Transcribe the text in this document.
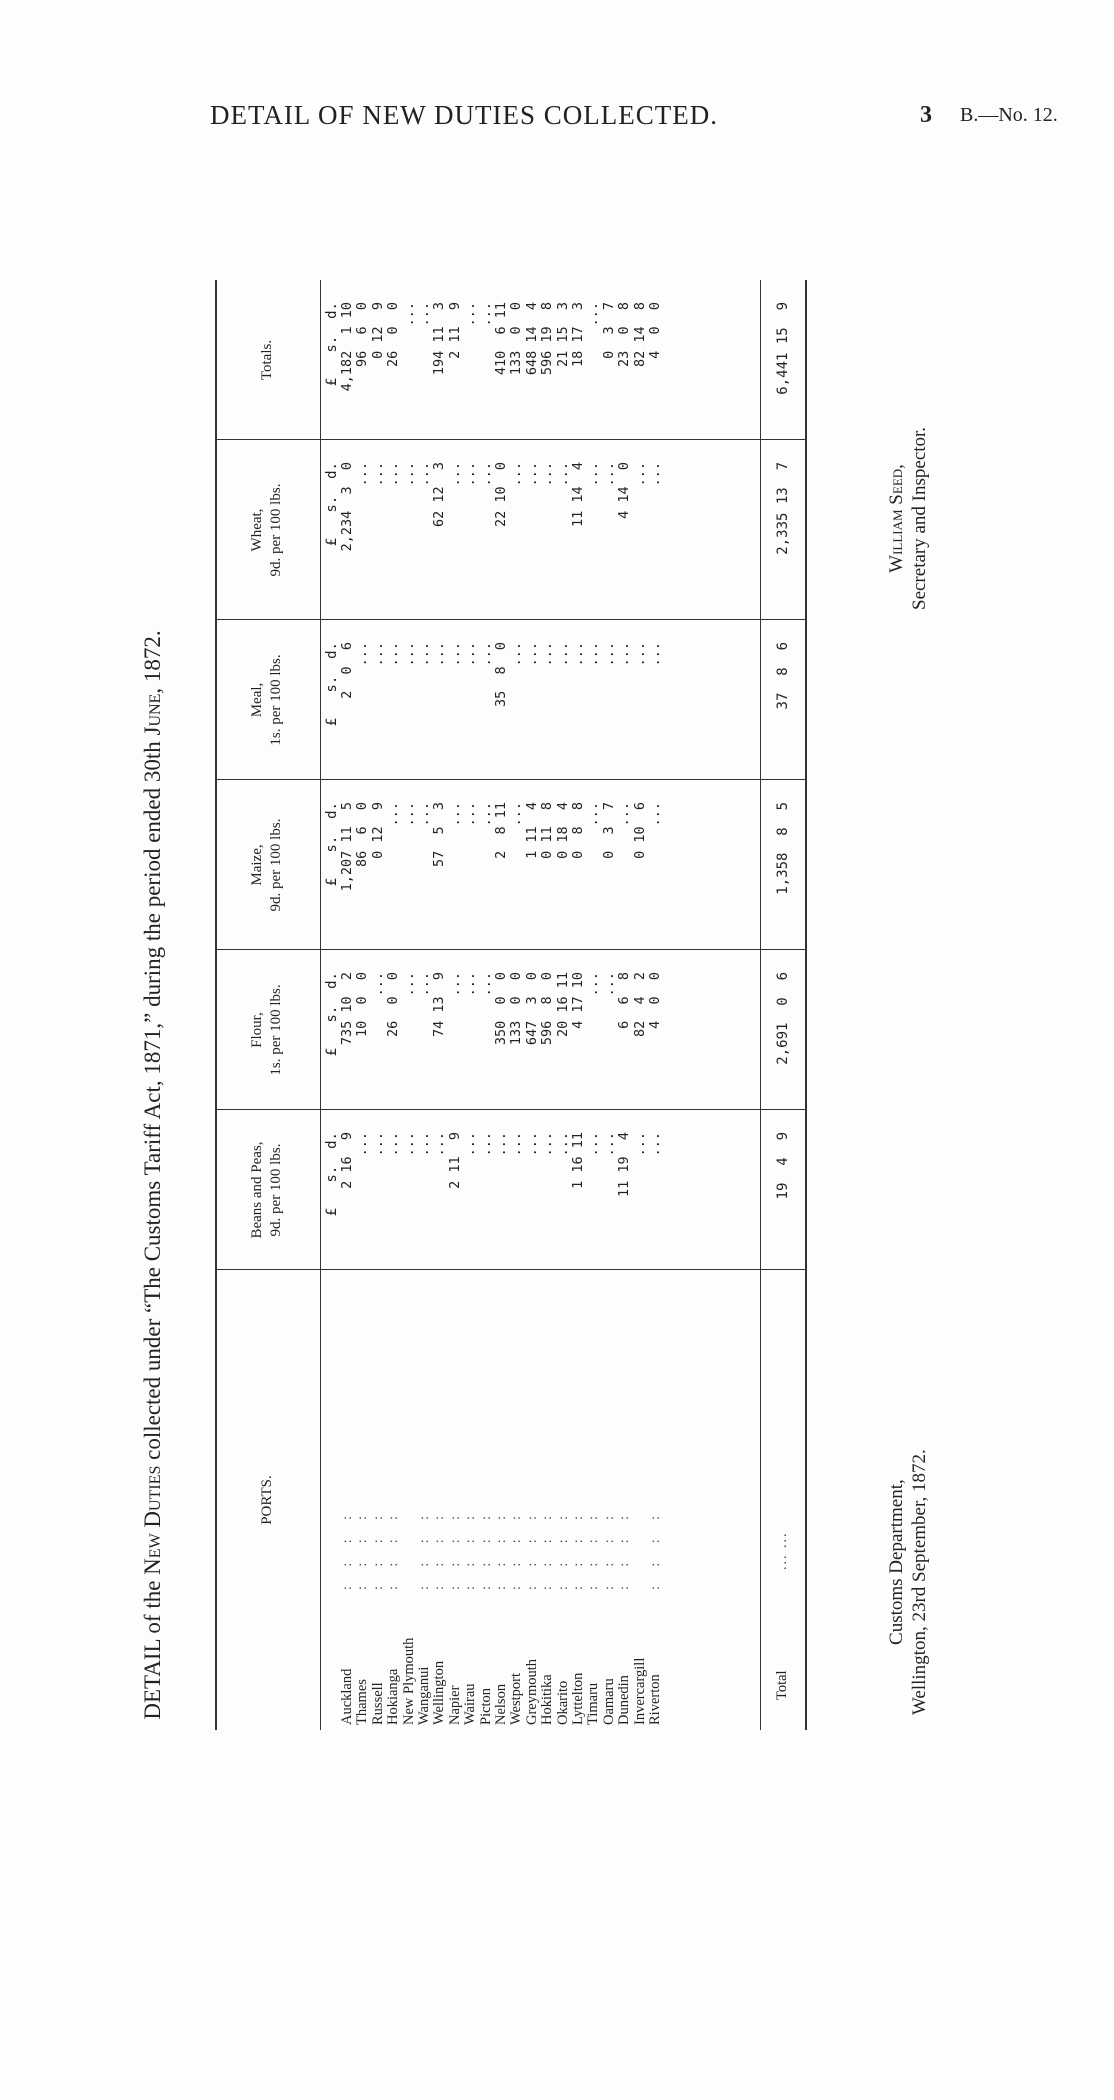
DETAIL OF NEW DUTIES COLLECTED.	3 B.—No. 12.
DETAIL of the New Duties collected under “The Customs Tariff Act, 1871,” during the period ended 30th June, 1872.
PORTS.
Beans and Peas, 9d. per 100 lbs.
Flour, 1s. per 100 lbs.
Maize, 9d. per 100 lbs.
Meal, 1s. per 100 lbs.
Wheat, 9d. per 100 lbs.
Totals.
£   s.  d.
£   s.  d.
£   s.  d.
£   s.  d.
£   s.  d.
£   s.  d.
Auckland
: : : :
2 16  9
735 10  2
1,207 11  5
2  0  6
2,234  3  0
4,182  1 10
Thames
: : : :
...
10  0  0
86  6  0
...
...
96  6  0
Russell
: : : :
...
...
0 12  9
...
...
0 12  9
Hokianga
: : : :
...
26  0  0
...
...
...
26  0  0
New Plymouth
...
...
...
...
...
...
Wanganui
: : : :
...
...
...
...
...
...
Wellington
: : : :
...
74 13  9
57  5  3
...
62 12  3
194 11  3
Napier
: : : :
2 11  9
...
...
...
...
2 11  9
Wairau
: : : :
...
...
...
...
...
...
Picton
: : : :
...
...
...
...
...
...
Nelson
: : : :
...
350  0  0
2  8 11
35  8  0
22 10  0
410  6 11
Westport
: : : :
...
133  0  0
...
...
...
133  0  0
Greymouth
: : : :
...
647  3  0
1 11  4
...
...
648 14  4
Hokitika
: : : :
...
596  8  0
0 11  8
...
...
596 19  8
Okarito
: : : :
...
20 16 11
0 18  4
...
...
21 15  3
Lyttelton
: : : :
1 16 11
4 17 10
0  8  8
...
11 14  4
18 17  3
Timaru
: : : :
...
...
...
...
...
...
Oamaru
: : : :
...
...
0  3  7
...
...
0  3  7
Dunedin
: : : :
11 19  4
6  6  8
...
...
4 14  0
23  0  8
Invercargill
...
82  4  2
0 10  6
...
...
82 14  8
Riverton
: : : :
...
4  0  0
...
...
...
4  0  0
Total
... ...
19  4  9
2,691  0  6
1,358  8  5
37  8  6
2,335 13  7
6,441 15  9
Customs Department, Wellington, 23rd September, 1872.
William Seed, Secretary and Inspector.
